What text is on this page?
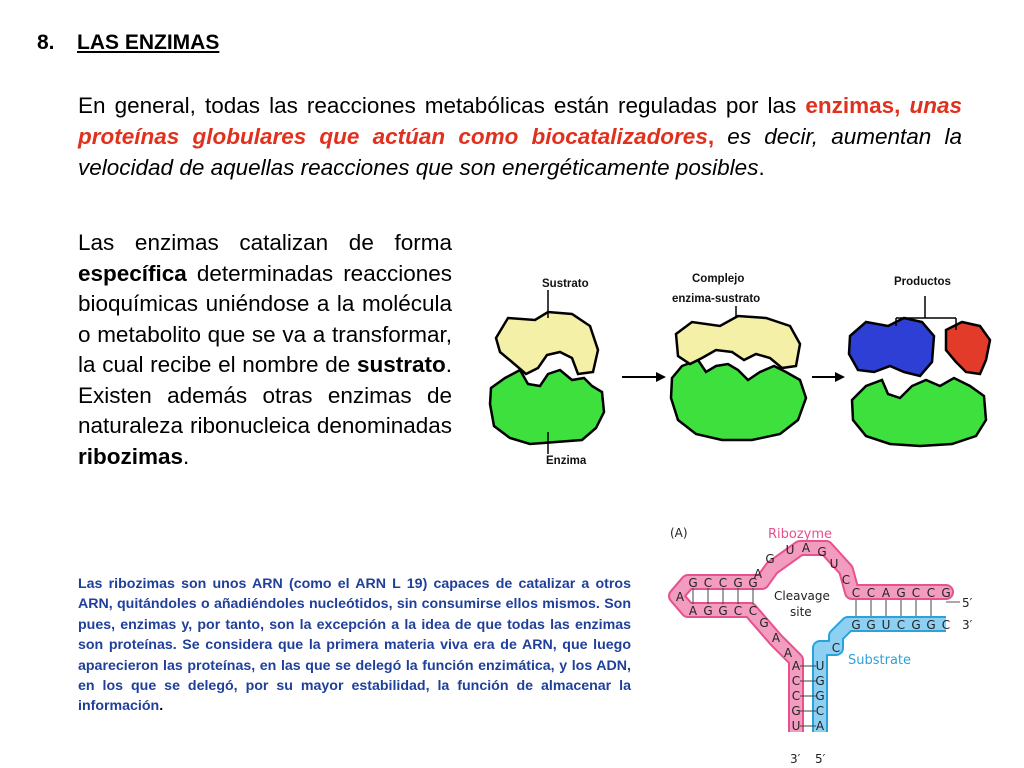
8. LAS ENZIMAS

En general, todas las reacciones metabólicas están reguladas por las enzimas, unas proteínas globulares que actúan como biocatalizadores, es decir, aumentan la velocidad de aquellas reacciones que son energéticamente posibles.

Las enzimas catalizan de forma específica determinadas reacciones bioquímicas uniéndose a la molécula o metabolito que se va a transformar, la cual recibe el nombre de sustrato. Existen además otras enzimas de naturaleza ribonucleica denominadas ribozimas.

Las ribozimas son unos ARN (como el ARN L 19) capaces de catalizar a otros ARN, quitándoles o añadiéndoles nucleótidos, sin consumirse ellos mismos. Son pues, enzimas y, por tanto, son la excepción a la idea de que todas las enzimas son proteínas. Se considera que la primera materia viva era de ARN, que luego aparecieron las proteínas, en las que se delegó la función enzimática, y los ADN, en los que se delegó, por su mayor estabilidad, la función de almacenar la información.

Sustrato
Enzima
Complejo
enzima-sustrato
Productos
G C C G G
A G G C C
A
A
G
U A G
U
C
C C A G C C G
G G U C G G C
G
A
A
A
C
C
G
U
C
U
G
G
C
A
(A)	Ribozyme
Cleavage
site
Substrate
5′
3′
3′ 5′
